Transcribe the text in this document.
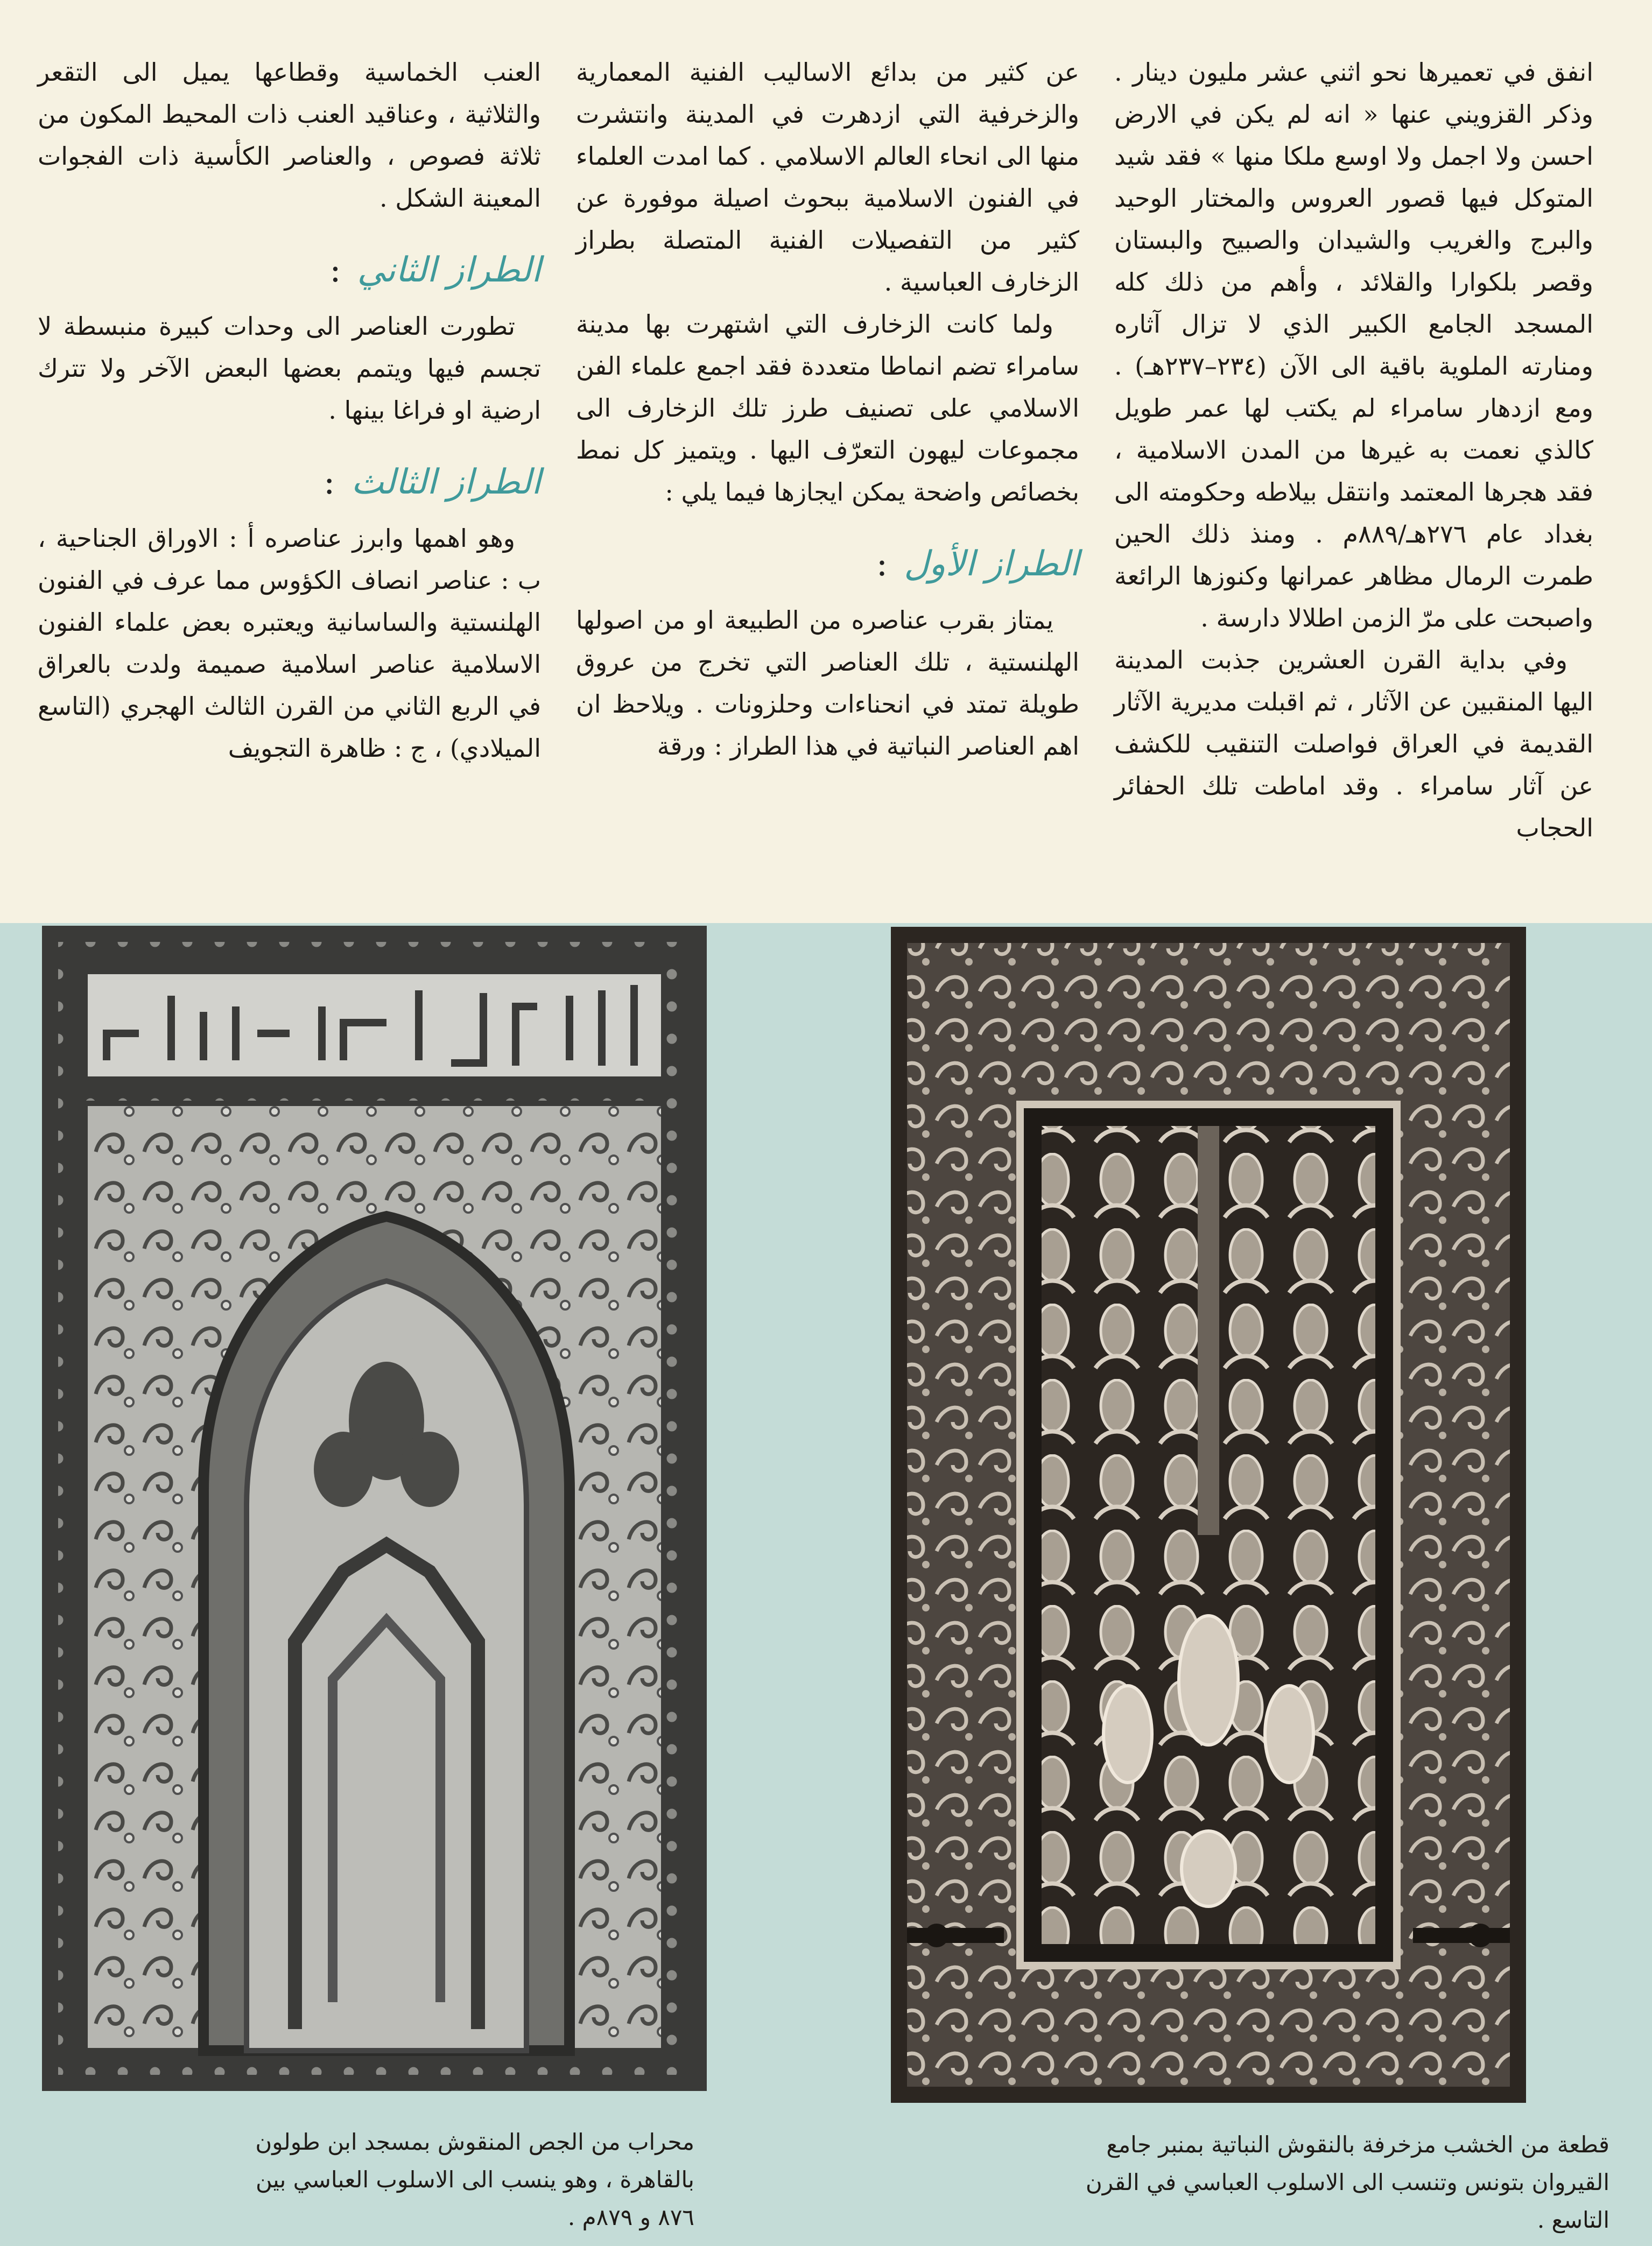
انفق في تعميرها نحو اثني عشر مليون دينار . وذكر القزويني عنها « انه لم يكن في الارض احسن ولا اجمل ولا اوسع ملكا منها » فقد شيد المتوكل فيها قصور العروس والمختار الوحيد والبرج والغريب والشيدان والصبيح والبستان وقصر بلكوارا والقلائد ، وأهم من ذلك كله المسجد الجامع الكبير الذي لا تزال آثاره ومنارته الملوية باقية الى الآن (٢٣٤–٢٣٧هـ) . ومع ازدهار سامراء لم يكتب لها عمر طويل كالذي نعمت به غيرها من المدن الاسلامية ، فقد هجرها المعتمد وانتقل بيلاطه وحكومته الى بغداد عام ٢٧٦هـ/٨٨٩م . ومنذ ذلك الحين طمرت الرمال مظاهر عمرانها وكنوزها الرائعة واصبحت على مرّ الزمن اطلالا دارسة .

وفي بداية القرن العشرين جذبت المدينة اليها المنقبين عن الآثار ، ثم اقبلت مديرية الآثار القديمة في العراق فواصلت التنقيب للكشف عن آثار سامراء . وقد اماطت تلك الحفائر الحجاب

عن كثير من بدائع الاساليب الفنية المعمارية والزخرفية التي ازدهرت في المدينة وانتشرت منها الى انحاء العالم الاسلامي . كما امدت العلماء في الفنون الاسلامية ببحوث اصيلة موفورة عن كثير من التفصيلات الفنية المتصلة بطراز الزخارف العباسية .

ولما كانت الزخارف التي اشتهرت بها مدينة سامراء تضم انماطا متعددة فقد اجمع علماء الفن الاسلامي على تصنيف طرز تلك الزخارف الى مجموعات ليهون التعرّف اليها . ويتميز كل نمط بخصائص واضحة يمكن ايجازها فيما يلي :

الطراز الأول:

يمتاز بقرب عناصره من الطبيعة او من اصولها الهلنستية ، تلك العناصر التي تخرج من عروق طويلة تمتد في انحناءات وحلزونات . ويلاحظ ان اهم العناصر النباتية في هذا الطراز : ورقة

العنب الخماسية وقطاعها يميل الى التقعر والثلاثية ، وعناقيد العنب ذات المحيط المكون من ثلاثة فصوص ، والعناصر الكأسية ذات الفجوات المعينة الشكل .

الطراز الثاني:

تطورت العناصر الى وحدات كبيرة منبسطة لا تجسم فيها ويتمم بعضها البعض الآخر ولا تترك ارضية او فراغا بينها .

الطراز الثالث:

وهو اهمها وابرز عناصره أ : الاوراق الجناحية ، ب : عناصر انصاف الكؤوس مما عرف في الفنون الهلنستية والساسانية ويعتبره بعض علماء الفنون الاسلامية عناصر اسلامية صميمة ولدت بالعراق في الربع الثاني من القرن الثالث الهجري (التاسع الميلادي) ، ج : ظاهرة التجويف

محراب من الجص المنقوش بمسجد ابن طولون بالقاهرة ، وهو ينسب الى الاسلوب العباسي بين ٨٧٦ و ٨٧٩م .
قطعة من الخشب مزخرفة بالنقوش النباتية بمنبر جامع القيروان بتونس وتنسب الى الاسلوب العباسي في القرن التاسع .
